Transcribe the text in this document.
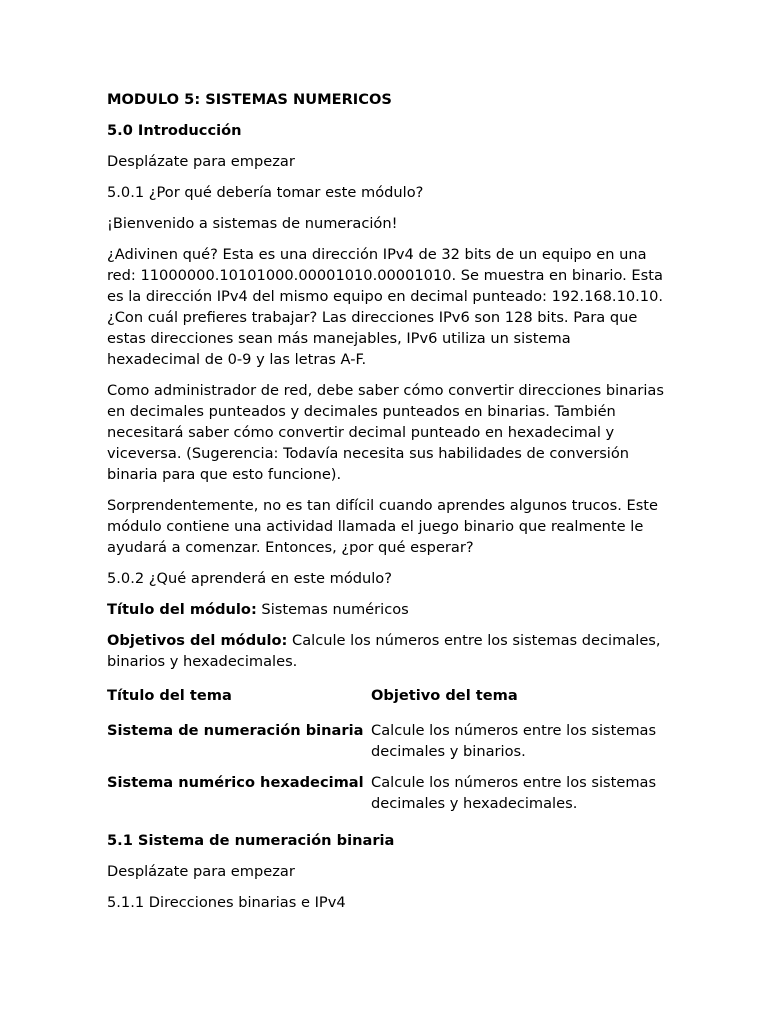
MODULO 5: SISTEMAS NUMERICOS

5.0 Introducción

Desplázate para empezar

5.0.1 ¿Por qué debería tomar este módulo?

¡Bienvenido a sistemas de numeración!

¿Adivinen qué? Esta es una dirección IPv4 de 32 bits de un equipo en una red: 11000000.10101000.00001010.00001010. Se muestra en binario. Esta es la dirección IPv4 del mismo equipo en decimal punteado: 192.168.10.10. ¿Con cuál prefieres trabajar? Las direcciones IPv6 son 128 bits. Para que estas direcciones sean más manejables, IPv6 utiliza un sistema hexadecimal de 0-9 y las letras A-F.

Como administrador de red, debe saber cómo convertir direcciones binarias en decimales punteados y decimales punteados en binarias. También necesitará saber cómo convertir decimal punteado en hexadecimal y viceversa. (Sugerencia: Todavía necesita sus habilidades de conversión binaria para que esto funcione).

Sorprendentemente, no es tan difícil cuando aprendes algunos trucos. Este módulo contiene una actividad llamada el juego binario que realmente le ayudará a comenzar. Entonces, ¿por qué esperar?

5.0.2 ¿Qué aprenderá en este módulo?

Título del módulo: Sistemas numéricos

Objetivos del módulo: Calcule los números entre los sistemas decimales, binarios y hexadecimales.

Título del tema	Objetivo del tema
Sistema de numeración binaria Calcule los números entre los sistemas decimales y binarios.
Sistema numérico hexadecimal Calcule los números entre los sistemas decimales y hexadecimales.

5.1 Sistema de numeración binaria

Desplázate para empezar

5.1.1 Direcciones binarias e IPv4
